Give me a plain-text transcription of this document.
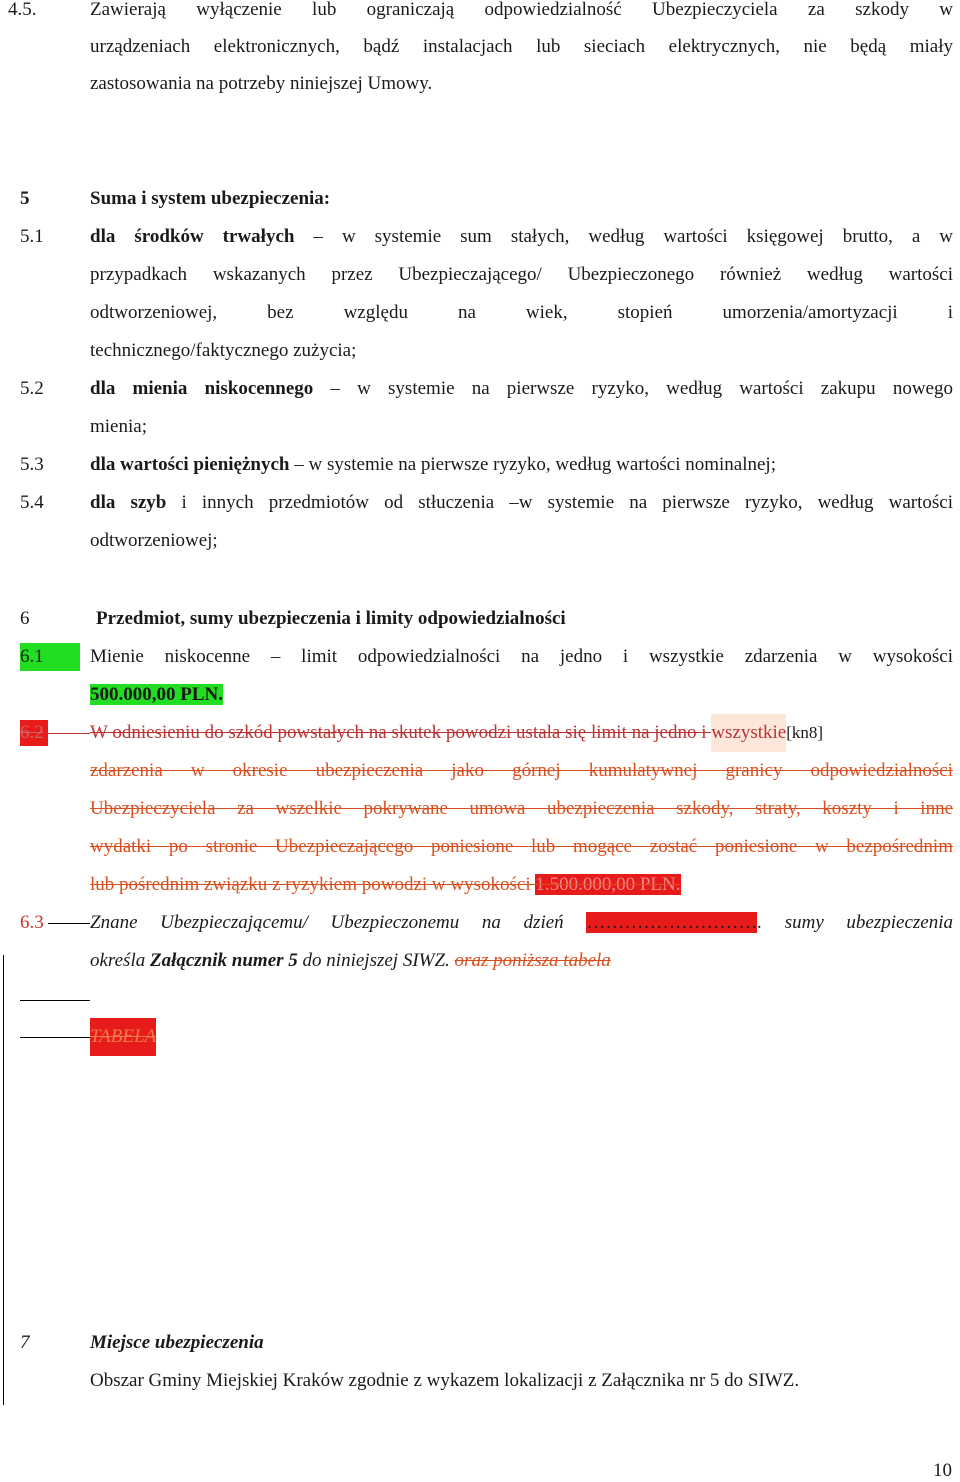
4.5.	Zawierają wyłączenie lub ograniczają odpowiedzialność Ubezpieczyciela za szkody w
urządzeniach elektronicznych, bądź instalacjach lub sieciach elektrycznych, nie będą miały
zastosowania na potrzeby niniejszej Umowy.
5	Suma i system ubezpieczenia:
5.1 dla środków trwałych – w systemie sum stałych, według wartości księgowej brutto, a w
przypadkach wskazanych przez Ubezpieczającego/ Ubezpieczonego również według wartości
odtworzeniowej, bez względu na wiek, stopień umorzenia/amortyzacji i
technicznego/faktycznego zużycia;
5.2 dla mienia niskocennego – w systemie na pierwsze ryzyko, według wartości zakupu nowego
mienia;
5.3 dla wartości pieniężnych – w systemie na pierwsze ryzyko, według wartości nominalnej;
5.4 dla szyb i innych przedmiotów od stłuczenia –w systemie na pierwsze ryzyko, według wartości
odtworzeniowej;
6	Przedmiot, sumy ubezpieczenia i limity odpowiedzialności
6.1	Mienie niskocenne – limit odpowiedzialności na jedno i wszystkie zdarzenia w wysokości
500.000,00 PLN.
6.2 W odniesieniu do szkód powstałych na skutek powodzi ustala się limit na jedno i wszystkie[kn8]
zdarzenia w okresie ubezpieczenia jako górnej kumulatywnej granicy odpowiedzialności
Ubezpieczyciela za wszelkie pokrywane umowa ubezpieczenia szkody, straty, koszty i inne
wydatki po stronie Ubezpieczającego poniesione lub mogące zostać poniesione w bezpośrednim
lub pośrednim związku z ryzykiem powodzi w wysokości 1.500.000,00 PLN.
6.3 Znane Ubezpieczającemu/ Ubezpieczonemu na dzień ………………………. sumy ubezpieczenia
określa Załącznik numer 5 do niniejszej SIWZ. oraz poniższa tabela
TABELA
7	Miejsce ubezpieczenia
Obszar Gminy Miejskiej Kraków zgodnie z wykazem lokalizacji z Załącznika nr 5 do SIWZ.
10
